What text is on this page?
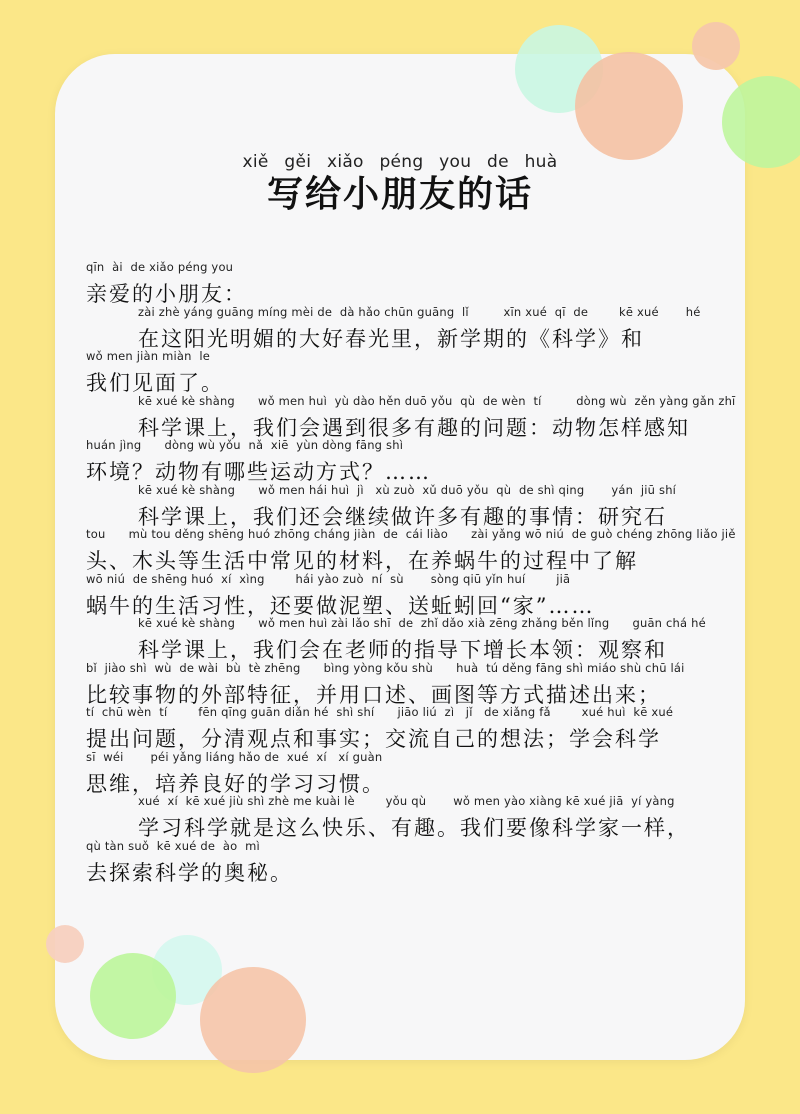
xiě gěi xiǎo péng you de huà
写给小朋友的话
qīn  ài  de xiǎo péng you
亲爱的小朋友：
zài zhè yáng guāng míng mèi de  dà hǎo chūn guāng  lǐ         xīn xué  qī  de        kē xué       hé
在这阳光明媚的大好春光里，新学期的《科学》和
wǒ men jiàn miàn  le
我们见面了。
kē xué kè shàng      wǒ men huì  yù dào hěn duō yǒu  qù  de wèn  tí         dòng wù  zěn yàng gǎn zhī
科学课上，我们会遇到很多有趣的问题：动物怎样感知
huán jìng      dòng wù yǒu  nǎ  xiē  yùn dòng fāng shì
环境？动物有哪些运动方式？……
kē xué kè shàng      wǒ men hái huì  jì   xù zuò  xǔ duō yǒu  qù  de shì qing       yán  jiū shí
科学课上，我们还会继续做许多有趣的事情：研究石
tou      mù tou děng shēng huó zhōng cháng jiàn  de  cái liào      zài yǎng wō niú  de guò chéng zhōng liǎo jiě
头、木头等生活中常见的材料，在养蜗牛的过程中了解
wō niú  de shēng huó  xí  xìng        hái yào zuò  ní  sù       sòng qiū yǐn huí        jiā
蜗牛的生活习性，还要做泥塑、送蚯蚓回“家”……
kē xué kè shàng      wǒ men huì zài lǎo shī  de  zhǐ dǎo xià zēng zhǎng běn lǐng      guān chá hé
科学课上，我们会在老师的指导下增长本领：观察和
bǐ  jiào shì  wù  de wài  bù  tè zhēng      bìng yòng kǒu shù      huà  tú děng fāng shì miáo shù chū lái
比较事物的外部特征，并用口述、画图等方式描述出来；
tí  chū wèn  tí        fēn qīng guān diǎn hé  shì shí      jiāo liú  zì   jǐ   de xiǎng fǎ        xué huì  kē xué
提出问题，分清观点和事实；交流自己的想法；学会科学
sī  wéi       péi yǎng liáng hǎo de  xué  xí   xí guàn
思维，培养良好的学习习惯。
xué  xí  kē xué jiù shì zhè me kuài lè        yǒu qù       wǒ men yào xiàng kē xué jiā  yí yàng
学习科学就是这么快乐、有趣。我们要像科学家一样，
qù tàn suǒ  kē xué de  ào  mì
去探索科学的奥秘。
